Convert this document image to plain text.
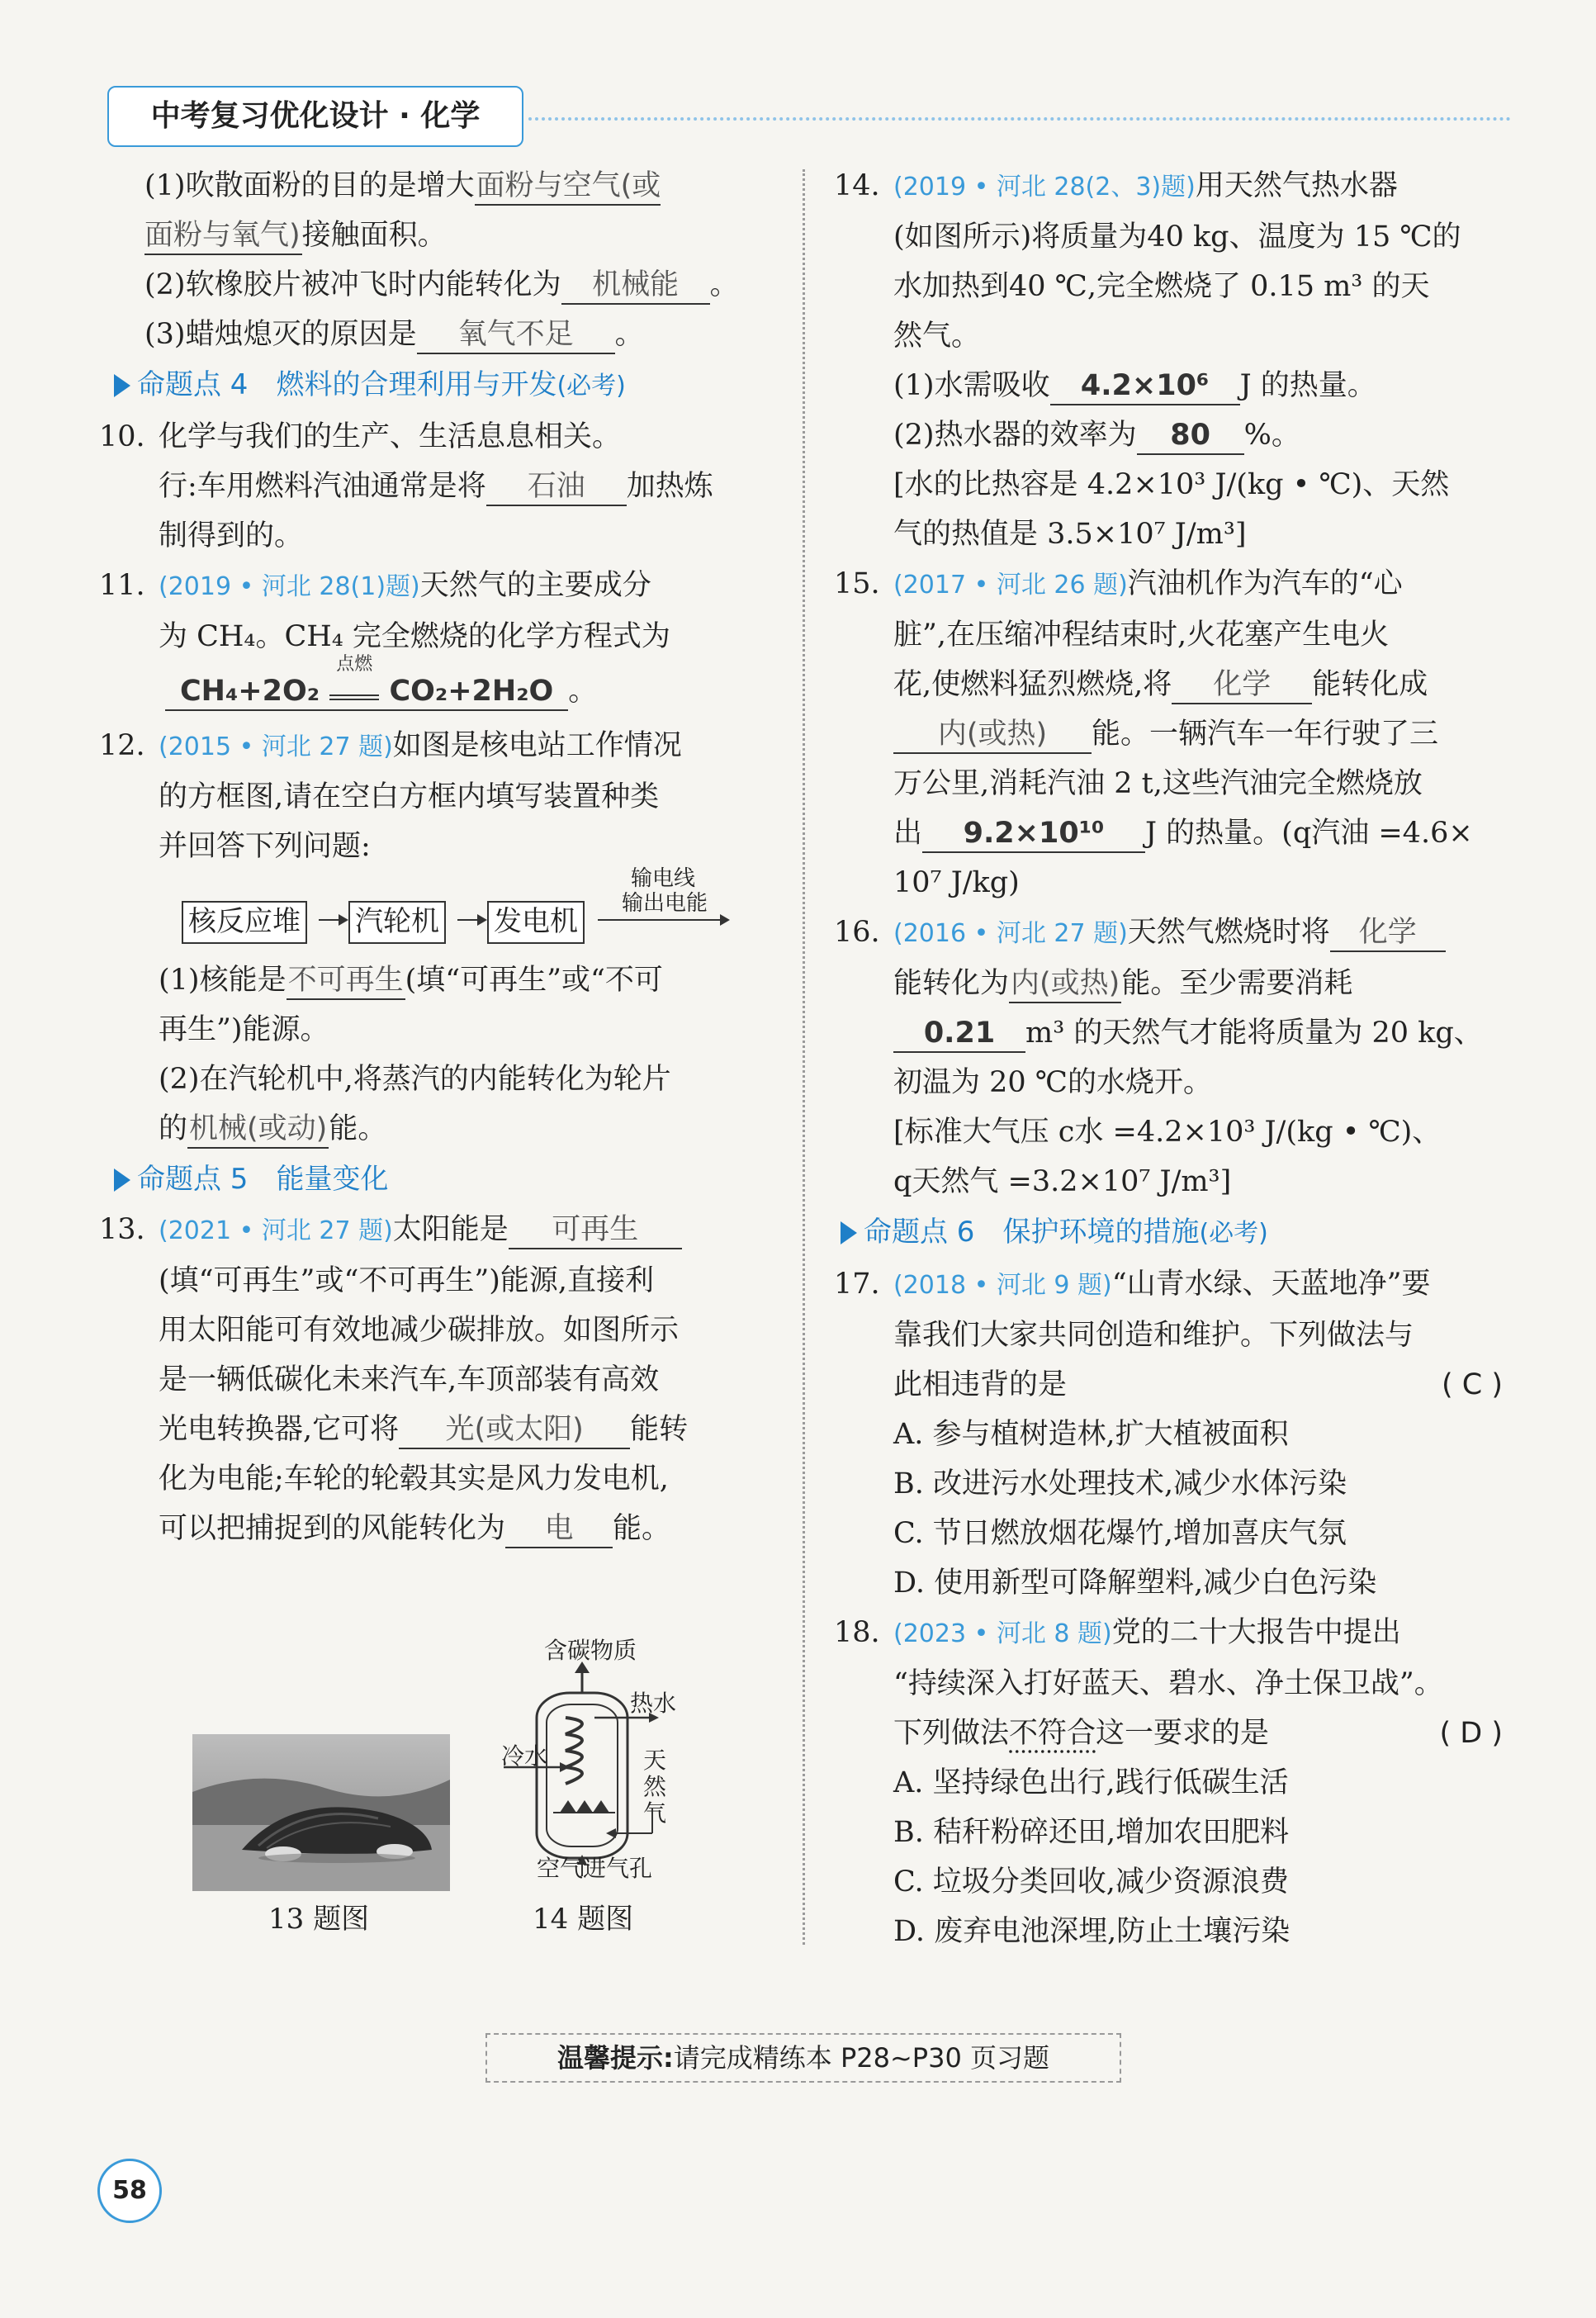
中考复习优化设计 · 化学
(1)吹散面粉的目的是增大面粉与空气(或
面粉与氧气)接触面积。
(2)软橡胶片被冲飞时内能转化为 机械能 。
(3)蜡烛熄灭的原因是 氧气不足 。
命题点 4　燃料的合理利用与开发(必考)
10. 化学与我们的生产、生活息息相关。
行:车用燃料汽油通常是将 石油 加热炼
制得到的。
11. (2019 • 河北 28(1)题)天然气的主要成分
为 CH₄。CH₄ 完全燃烧的化学方程式为
CH₄+2O₂
点燃
CO₂+2H₂O 。
12. (2015 • 河北 27 题)如图是核电站工作情况
的方框图,请在空白方框内填写装置种类
并回答下列问题:
核反应堆 汽轮机 发电机
输电线
输出电能
(1)核能是不可再生(填“可再生”或“不可
再生”)能源。
(2)在汽轮机中,将蒸汽的内能转化为轮片
的机械(或动)能。
命题点 5　能量变化
13. (2021 • 河北 27 题)太阳能是 可再生
(填“可再生”或“不可再生”)能源,直接利
用太阳能可有效地减少碳排放。如图所示
是一辆低碳化未来汽车,车顶部装有高效
光电转换器,它可将 光(或太阳) 能转
化为电能;车轮的轮毂其实是风力发电机,
可以把捕捉到的风能转化为 电 能。
13 题图
含碳物质
热水
冷水	天然气
空气进气孔
14 题图
14. (2019 • 河北 28(2、3)题)用天然气热水器
(如图所示)将质量为40 kg、温度为 15 ℃的
水加热到40 ℃,完全燃烧了 0.15 m³ 的天
然气。
(1)水需吸收 4.2×10⁶ J 的热量。
(2)热水器的效率为 80 %。
[水的比热容是 4.2×10³ J/(kg • ℃)、天然
气的热值是 3.5×10⁷ J/m³]
15. (2017 • 河北 26 题)汽油机作为汽车的“心
脏”,在压缩冲程结束时,火花塞产生电火
花,使燃料猛烈燃烧,将 化学 能转化成
内(或热) 能。一辆汽车一年行驶了三
万公里,消耗汽油 2 t,这些汽油完全燃烧放
出 9.2×10¹⁰ J 的热量。(q汽油 =4.6×
10⁷ J/kg)
16. (2016 • 河北 27 题)天然气燃烧时将 化学
能转化为内(或热)能。至少需要消耗
0.21 m³ 的天然气才能将质量为 20 kg、
初温为 20 ℃的水烧开。
[标准大气压 c水 =4.2×10³ J/(kg • ℃)、
q天然气 =3.2×10⁷ J/m³]
命题点 6　保护环境的措施(必考)
17. (2018 • 河北 9 题)“山青水绿、天蓝地净”要
靠我们大家共同创造和维护。下列做法与
此相违背的是	( C )
A. 参与植树造林,扩大植被面积
B. 改进污水处理技术,减少水体污染
C. 节日燃放烟花爆竹,增加喜庆气氛
D. 使用新型可降解塑料,减少白色污染
18. (2023 • 河北 8 题)党的二十大报告中提出
“持续深入打好蓝天、碧水、净土保卫战”。
下列做法不符合这一要求的是	( D )
A. 坚持绿色出行,践行低碳生活
B. 秸秆粉碎还田,增加农田肥料
C. 垃圾分类回收,减少资源浪费
D. 废弃电池深埋,防止土壤污染
温馨提示:请完成精练本 P28~P30 页习题
58
